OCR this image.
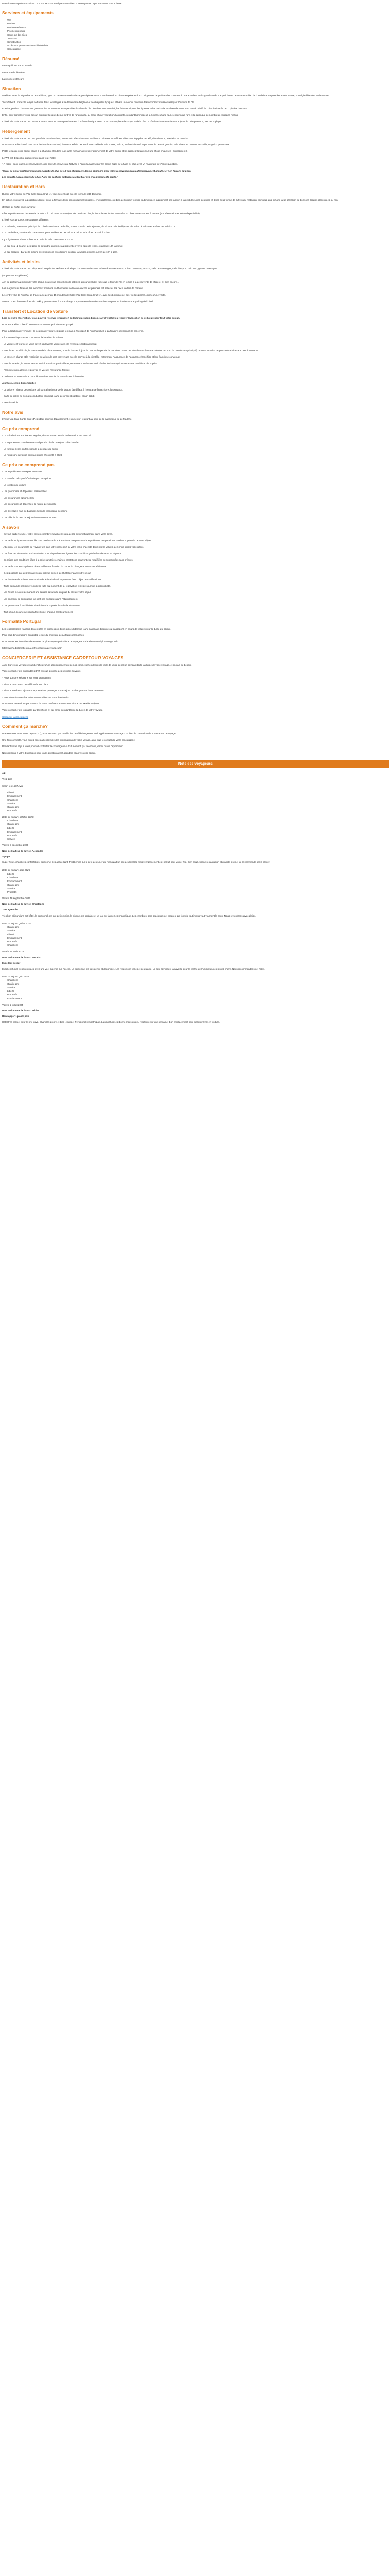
Description En pré-composition : Ce prix se comprend par Formalités : Conseigneurs Lapp Vacations Vota Classe

Services et équipements
• Wifi
• Piscine
• Piscine extérieure
• Piscine intérieure
• Cours de des sites
• Terrasse
• Climatisation
• Accès aux personnes à mobilité réduite
• Conciergerie
Résumé

Le magnifique sur un 'Gonde'

Le centre de bien-être

La piscine extérieure

Situation

Modène, terre de légendes et de traditions, que l'on retrouve aussi – de sa prestigieuse terre – Jambalon d'un climat tempéré et doux, qui permet de profiter des charmes du stade du lieu au long de l'année. Ce petit havre de terre au milieu de l'Ombrie entre pinèdes et cénoteque, nostalgie d'histoire et de nature.

Tout d'abord, prenez le temps de flâner dans les villages à la découverte d'églises et de chapelles typiques et bâtie un détour dans l'un des nombreux musées retraçant l'histoire de l'île.

Ensuite, profitez d'instants de gourmandise et savourez les spécialités locales de l'île : les douceurs au miel, les fruits exotiques, les liqueurs et les cocktails et « bien de vous » un passé oublié de l'histoire foncée de… pistées douces !

Enfin, pour compléter votre séjour, explorez les plus beaux ordres de randonnée, au cœur d'une végétation luxuriante, rendant hommage à la richesse d'une faune endémique rare et la calanque de nombreux épisodes marins.

L'hôtel Vila Gale Santa Cruz 4* vous attend avec sa correspondante sur l'océan Atlantique ainsi qu'aux atmosphère d'Europe et de la côte. L'hôtel se situe à seulement 3 jours de l'aéroport et 1,00m de la plage.

Hébergement

L'hôtel Vila Gale Santa Cruz 4*, possède 242 chambres, toutes décorées dans une ambiance balnéaire et raffinée. Elles sont équipées de wifi, climatisation, télévision et mini-bar.

Nous avons sélectionné pour vous la chambre standard, d'une superficie de 33m², avec salle de bain privée, balcon, vitrée cloisonné et produits de beauté gratuits, et la chambre pouvant accueillir jusqu'à 3 personnes.

Petite terrasse votre séjour grâce à la chambre standard vue sur la mer afin de profiter pleinement de votre séjour et les calmes flottants sur une chose chaussée ( supplément ).

Le Wifi est disponible gratuitement dans tout l'hôtel.

* A noter : pour toutes les réservations, une taxe de séjour sera facturée à l'arrivée/ganté pour les clients âgés de 13 ans et plus, avec un maximum de 7 nuits payables.

*Merci de noter qu'il faut minimum 1 adulte de plus de 18 ans obligatoire dans la chambre ainsi votre réservation sera automatiquement annulée et non faurent ou pour.

Les enfants / adolescents de 13 à 17 ans ne sont pas autorisés à effectuer des enregistrements seuls.*

Restauration et Bars

Durant votre séjour au Vila Gale Santa Cruz 4*, vous serez logé avec la formule petit-déjeuner.

En option, vous avez la possibilité d'opter pour la formule demi-pension (dîner boissons), en supplément, ou bien de l'option formule tout inclus en supplément par rapport à la petit-déjeuner, déjeuner et dîner, sous forme de buffets au restaurant principal ainsi qu'une large sélection de boissons locales alcoolisées ou non.

(Détails du forfait page suivante)

Offre supplémentaire des soucis de 10h00 à 18h. Pour toute séjour de 7 nuits et plus, la formule tout inclus vous offre un dîner au restaurant à la carte (sur réservation et selon disponibilité)

L'hôtel vous propose 2 restaurants différents :

- Le 'Atlantik', restaurant principal de l'hôtel sous forme de buffet, ouvert pour le petit-déjeuner, de 7h30 à 10h, le déjeuner de 12h30 à 14h30 et le dîner de 19h à 21h.

- Le 'Jardinière', service à la carte ouvert pour le déjeuner de 12h30 à 14h30 et le dîner de 19h à 22h30.

Il y a également 2 bars présents au sein de Vila Gale Santa Cruz 4* :

- Le bar Soul & Beam : idéal pour se détendre en même au présent en verre après le repas, ouvert de 10h à minuit

- Le bar 'Splash' : bar de la piscine avec boissons et collations pendant la saison estivale ouvert de 10h à 18h.

Activités et loisirs

L'hôtel Vila Gale Santa Cruz dispose d'une piscine extérieure ainsi que d'un centre de soins et bien-être avec sauna, soins, hammam, jacuzzi, salle de massages, salle de sport, bain turc, gym et massages.

(moyennant supplément)

Afin de profiter au mieux de votre séjour, nous vous conseillons la activités autour de l'hôtel telle que le tour de l'île en loisirs à la découverte de Madère, et bien encore...

Les magnifiques falaises, les nombreux maisons traditionnelles de l'île ou encore les piscines naturelles et les découvertes de certains.

Le centre-ville de Funchal se trouve à seulement 15 minutes de l'hôtel Vila Gale Santa Cruz 4*, avec ses boutiques et ses vieilles pierres, digne d'une visite.

A noter : Des éventuels frais de parking peuvent être à votre charge sur place en raison de membres de plus en limitées sur le parking de l'hôtel.

Transfert et Location de voiture

Lors de votre réservation, vous pouvez réserver le transfert collectif que nous dispose à votre hôtel ou réserver la location de véhicule pour tout votre séjour.

Pour le transfert collectif : rendez-vous au comptoir de votre groupé

Pour la location de véhicule : la location de voiture est prise en main à l'aéroport de Funchal chez le partenaire sélectionné le concerne.

Informations importantes concernant la location de voiture :

- La voiture est fournie et vous devez soulever la voiture avec le niveau de carburant initial.

- Pour louer un véhicule, la présence de la réservation et, une de dossier à jour de date et de permis de conduire datant de plus d'un an (la carte doit être au nom du conducteur principal). Aucune location ne pourra être faite sans ces documents.

- La prise en charge et la restitution du véhicule sont convenues avec le service à la clientèle, notamment l'assurance de l'assurance franchise et leur franchise convenue.

* Pour la location, le loueur assure les informations particulières, notamment les heures de l'hôtel et les interruptions ou autres conditions de la prise.

- Franchise non-admise et pouvoir en vue de l'assurance facture.

Conditions et informations complémentaires auprès de votre loueur à l'arrivée.

A prévoir, selon disponibilité :

* La prise en charge des options qui sont à la charge de la facture fait défaut à l'assurance franchise et l'assurance.

- Carte de crédit au nom du conducteur principal (carte de crédit obligatoire et non débit)

- Permis valide

Notre avis

L'hôtel Vila Gale Santa Cruz 4* est idéal pour un dépaysement et un séjour relaxant au sein de la magnifique île de Madère.

Ce prix comprend

- Le vol aller/retour opéré sur régulier, direct ou avec escale à destination de Funchal

- Le logement en chambre standard pour la durée du séjour sélectionnée

- La formule repas en fonction de la période de séjour

- Le nous sont pays pas pouvant aux le choix 200 à 2028

Ce prix ne comprend pas

- Les suppléments de repas en option

- Le transfert aéroport/hôtel/aéroport en option

- La location de voiture

- Les pourboires et dépenses personnelles

- Les assurances optionnelles

- Les excursions et dépenses de nature personnelle

- Les éventuels frais de bagages selon la compagnie aérienne

- Les clés de la taxe de séjour facultatives en toutes

A savoir

- Si vous partez seul(e), votre prix en chambre individuelle sera débité automatiquement dans votre devis.

- Les tarifs indiqués sont calculés pour une base de 2 à 3 nuits et comprennent le supplément des pensions pendant la période de votre séjour.

- Attention, les documents de voyage tels que votre passeport ou votre carte d'identité doivent être valides de 6 mois après votre retour.

- Les frais de réservation et d'annulation sont disponibles en ligne et les conditions générales de vente en vigueur.

- En raison des conditions liées à la crise sanitaire certaines prestations pourront être modifiées ou supprimées sans préavis.

- Les tarifs sont susceptibles d'être modifiés en fonction du cours du change et des taxes aériennes.

- Il est possible que des travaux soient prévus au sein de l'hôtel pendant votre séjour.

- Les horaires de vol sont communiqués à titre indicatif et peuvent faire l'objet de modifications.

- Toute demande particulière doit être faite au moment de la réservation et reste soumise à disponibilité.

- Les hôtels peuvent demander une caution à l'arrivée en plus du prix de votre séjour.

- Les animaux de compagnie ne sont pas acceptés dans l'établissement.

- Les personnes à mobilité réduite doivent le signaler lors de la réservation.

- Tout séjour écourté ne pourra faire l'objet d'aucun remboursement.

Formalité Portugal

Les ressortissants français doivent être en possession d'une pièce d'identité (carte nationale d'identité ou passeport) en cours de validité pour la durée du séjour.

Pour plus d'informations consultez le site du ministère des Affaires étrangères.

Pour toutes les formalités de santé et de plus amples précisions de voyages sur le site www.diplomatie.gouv.fr

https://www.diplomatie.gouv.fr/fr/conseils-aux-voyageurs/

CONCIERGERIE ET ASSISTANCE CARREFOUR VOYAGES

Avec Carrefour Voyages vous bénéficiez d'un accompagnement de nos conciergeries depuis la veille de votre départ et pendant toute la durée de votre voyage, et en cas de besoin.

Votre conseiller est disponible 24h/7 et vous propose des services suivants :

* Nous vous renseignons sur votre programme

* Si vous rencontrez des difficultés sur place

* Si vous souhaitez ajouter une prestation, prolonger votre séjour ou changer vos dates de retour

* Pour obtenir toutes les informations utiles sur votre destination

Nous vous remercions par avance de votre confiance et vous souhaitons un excellent séjour.

Votre conseiller est joignable par téléphone et par email pendant toute la durée de votre voyage.

Contacter la conciergerie

Comment ça marche?

Une semaine avant votre départ (J-7), vous recevrez par mail le lien de téléchargement de l'application ou message d'un lien de connexion de votre carnet de voyage.

Une fois connecté, vous aurez accès à l'ensemble des informations de votre voyage, ainsi que le contact de votre conciergerie.

Pendant votre séjour, vous pourrez contacter la conciergerie à tout moment par téléphone, email ou via l'application.

Nous restons à votre disposition pour toute question avant, pendant et après votre séjour.

Note des voyageurs

4.2

Très bien

Selon les 1597 Avis

• Liberté
• Emplacement
• Chambres
• Service
• Qualité prix
• Propreté

Date du séjour : octobre 2025

• Chambres
• Qualité prix
• Liberté
• Emplacement
• Propreté
• Service

Vote le 3 décembre 2025

Nom de l'auteur de l'avis : Alexandra

Sympa

Super hôtel, chambres confortables, personnel très accueillant. Petit bémol sur le petit-déjeuner qui manquait un peu de diversité mais l'emplacement est parfait pour visiter l'île. Bien situé, bonne restauration et grande piscine. Je recommande sans hésiter.

Date du séjour : août 2025

• Liberté
• Chambres
• Emplacement
• Qualité prix
• Service
• Propreté

Vote le 18 septembre 2025

Nom de l'auteur de l'avis : Christophe

Très agréable

Très bon séjour dans cet hôtel, le personnel est aux petits soins, la piscine est agréable et la vue sur la mer est magnifique. Les chambres sont spacieuses et propres. La formule tout inclus vaut vraiment le coup. Nous reviendrons avec plaisir.

Date du séjour : juillet 2025

• Qualité prix
• Service
• Liberté
• Emplacement
• Propreté
• Chambres

Vote le 14 août 2025

Nom de l'auteur de l'avis : Patricia

Excellent séjour

Excellent hôtel, très bien placé avec une vue superbe sur l'océan. Le personnel est très gentil et disponible. Les repas sont variés et de qualité. Le seul bémol est la navette pour le centre de Funchal qui est assez chère. Nous recommandons cet hôtel.

Date du séjour : juin 2025

• Chambres
• Qualité prix
• Service
• Liberté
• Propreté
• Emplacement

Vote le 2 juillet 2025

Nom de l'auteur de l'avis : Michel

Bon rapport qualité prix

Hôtel très correct pour le prix payé. Chambre propre et bien équipée. Personnel sympathique. La nourriture est bonne mais un peu répétitive sur une semaine. Bon emplacement pour découvrir l'île en voiture.
